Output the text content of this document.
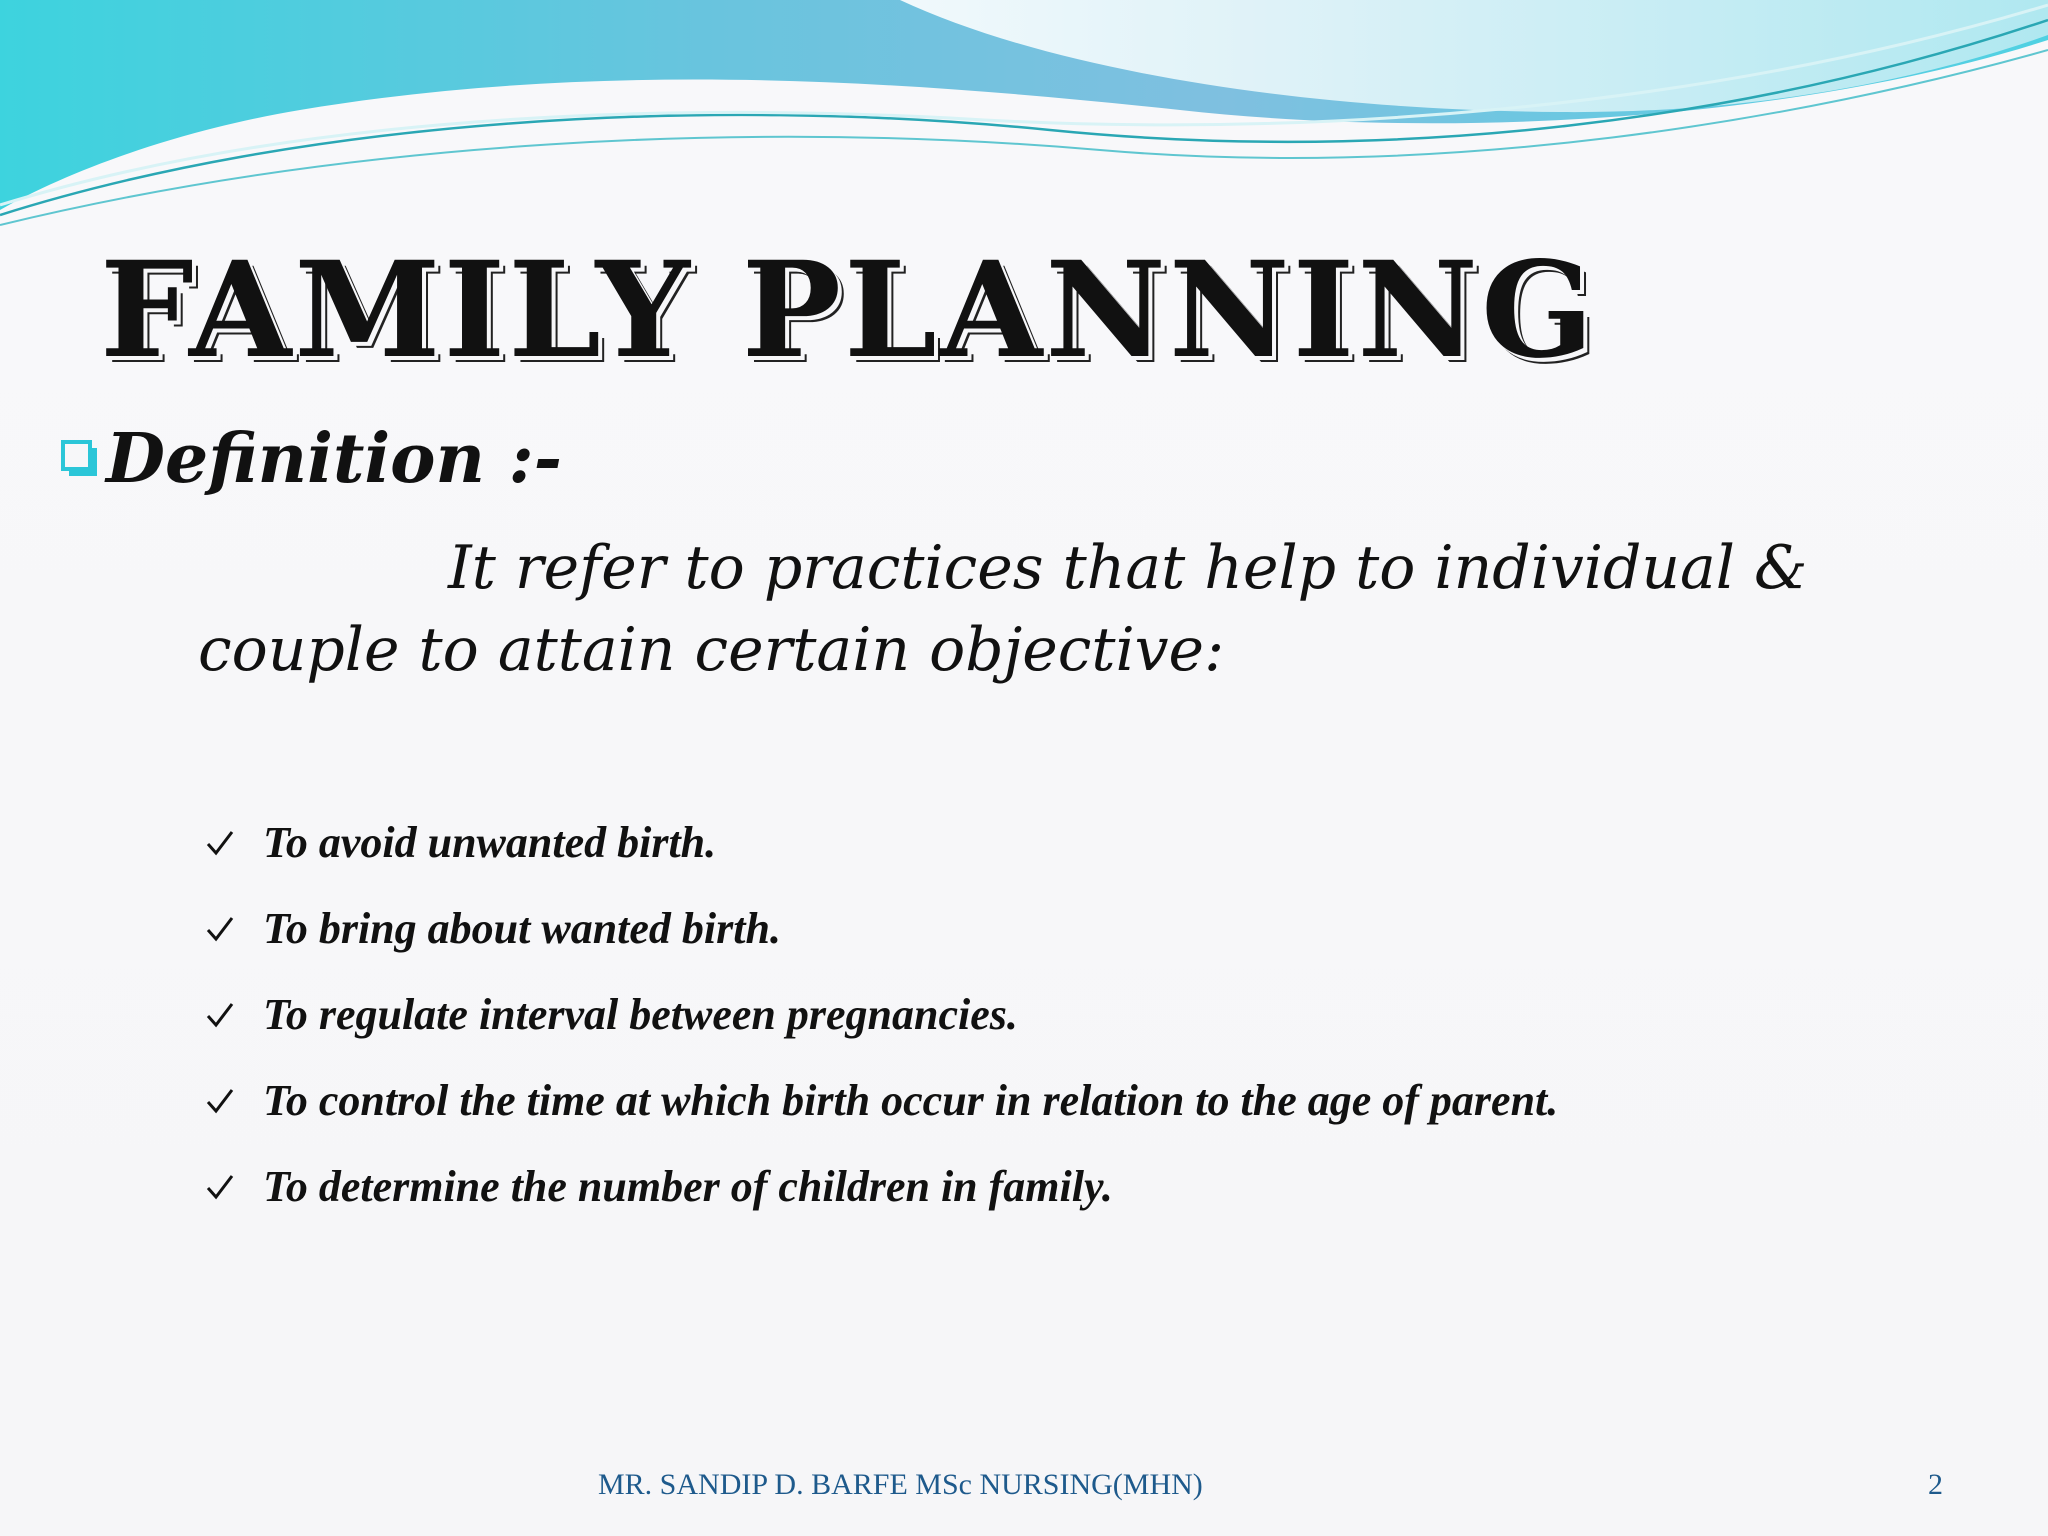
FAMILY PLANNING
Definition :-

It refer to practices that help to individual & couple to attain certain objective:

To avoid unwanted birth.
To bring about wanted birth.
To regulate interval between pregnancies.
To control the time at which birth occur in relation to the age of parent.
To determine the number of children in family.
MR. SANDIP D. BARFE MSc NURSING(MHN)	2
